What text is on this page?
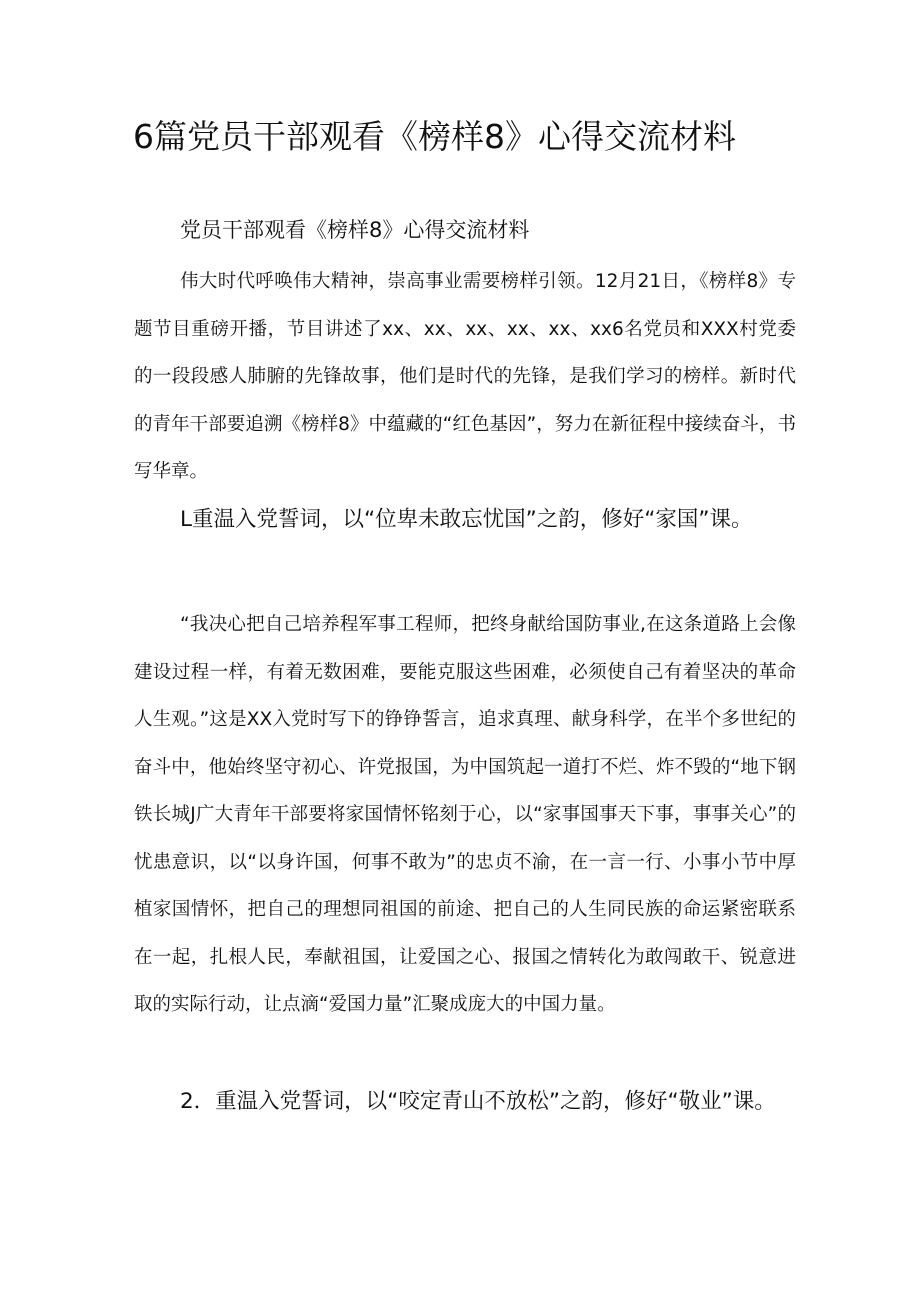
6篇党员干部观看《榜样8》心得交流材料
党员干部观看《榜样8》心得交流材料

伟大时代呼唤伟大精神，崇高事业需要榜样引领。12月21日，《榜样8》专题节目重磅开播，节目讲述了xx、xx、xx、xx、xx、xx6名党员和XXX村党委的一段段感人肺腑的先锋故事，他们是时代的先锋，是我们学习的榜样。新时代的青年干部要追溯《榜样8》中蕴藏的“红色基因”，努力在新征程中接续奋斗，书写华章。

L重温入党誓词，以“位卑未敢忘忧国”之韵，修好“家国”课。

“我决心把自己培养程军事工程师，把终身献给国防事业,在这条道路上会像建设过程一样，有着无数困难，要能克服这些困难，必须使自己有着坚决的革命人生观。”这是XX入党时写下的铮铮誓言，追求真理、献身科学，在半个多世纪的奋斗中，他始终坚守初心、许党报国，为中国筑起一道打不烂、炸不毁的“地下钢铁长城J广大青年干部要将家国情怀铭刻于心，以“家事国事天下事，事事关心”的忧患意识，以“以身许国，何事不敢为”的忠贞不渝，在一言一行、小事小节中厚植家国情怀，把自己的理想同祖国的前途、把自己的人生同民族的命运紧密联系在一起，扎根人民，奉献祖国，让爱国之心、报国之情转化为敢闯敢干、锐意进取的实际行动，让点滴“爱国力量”汇聚成庞大的中国力量。

2．重温入党誓词，以“咬定青山不放松”之韵，修好“敬业”课。
